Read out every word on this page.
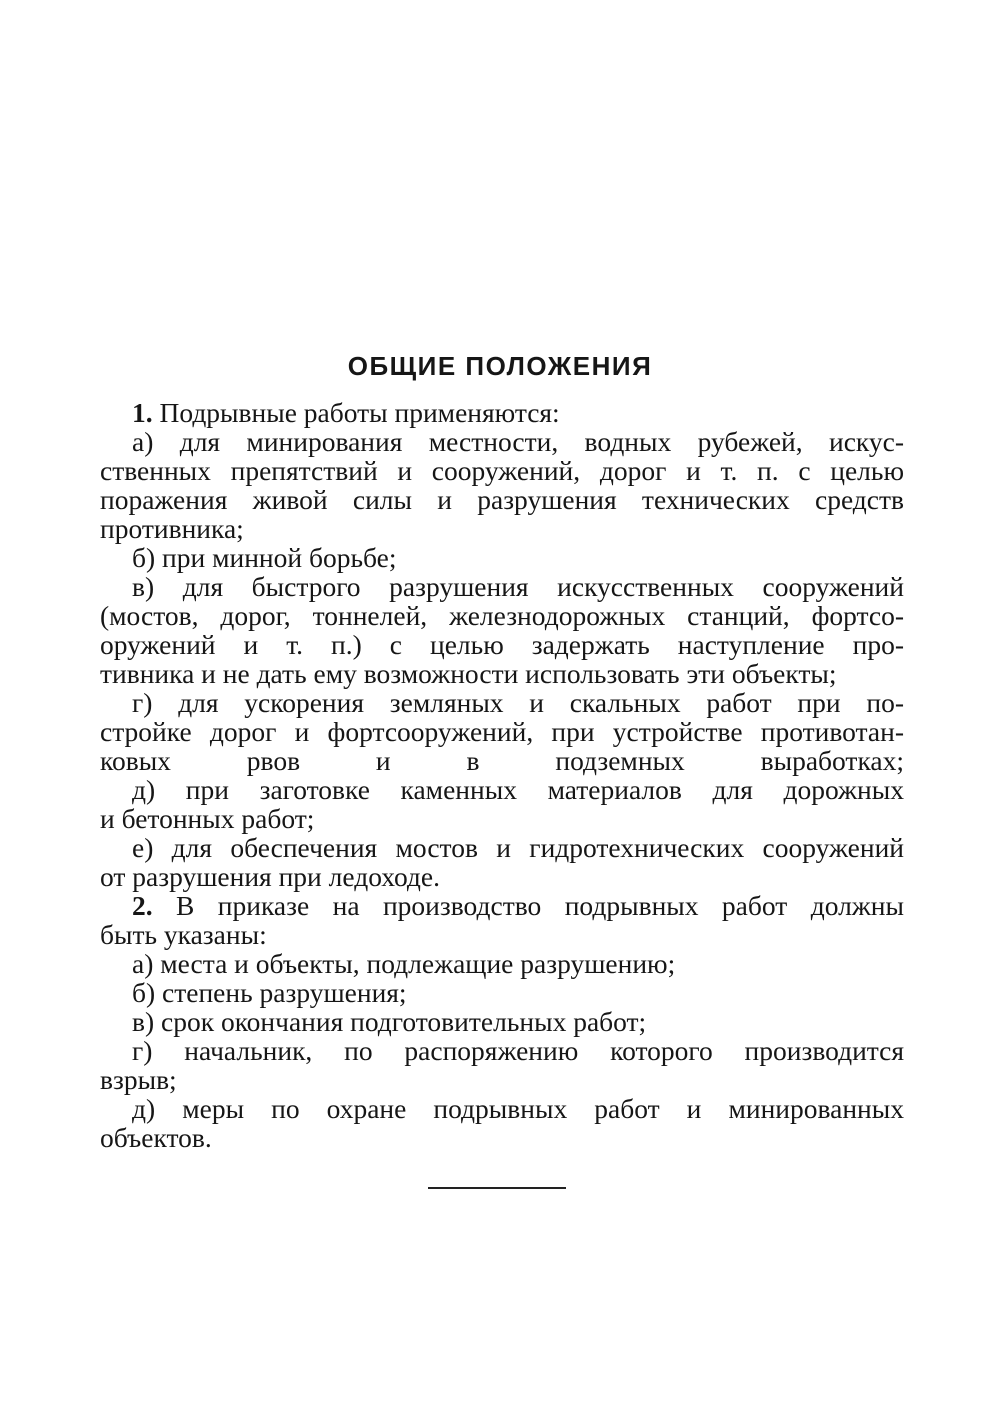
ОБЩИЕ ПОЛОЖЕНИЯ
1. Подрывные работы применяются:
а) для минирования местности, водных рубежей, искус-
ственных препятствий и сооружений, дорог и т. п. с целью
поражения живой силы и разрушения технических средств
противника;
б) при минной борьбе;
в) для быстрого разрушения искусственных сооружений
(мостов, дорог, тоннелей, железнодорожных станций, фортсо-
оружений и т. п.) с целью задержать наступление про-
тивника и не дать ему возможности использовать эти объекты;
г) для ускорения земляных и скальных работ при по-
стройке дорог и фортсооружений, при устройстве противотан-
ковых рвов и в подземных выработках;
д) при заготовке каменных материалов для дорожных
и бетонных работ;
е) для обеспечения мостов и гидротехнических сооружений
от разрушения при ледоходе.
2. В приказе на производство подрывных работ должны
быть указаны:
а) места и объекты, подлежащие разрушению;
б) степень разрушения;
в) срок окончания подготовительных работ;
г) начальник, по распоряжению которого производится
взрыв;
д) меры по охране подрывных работ и минированных
объектов.
